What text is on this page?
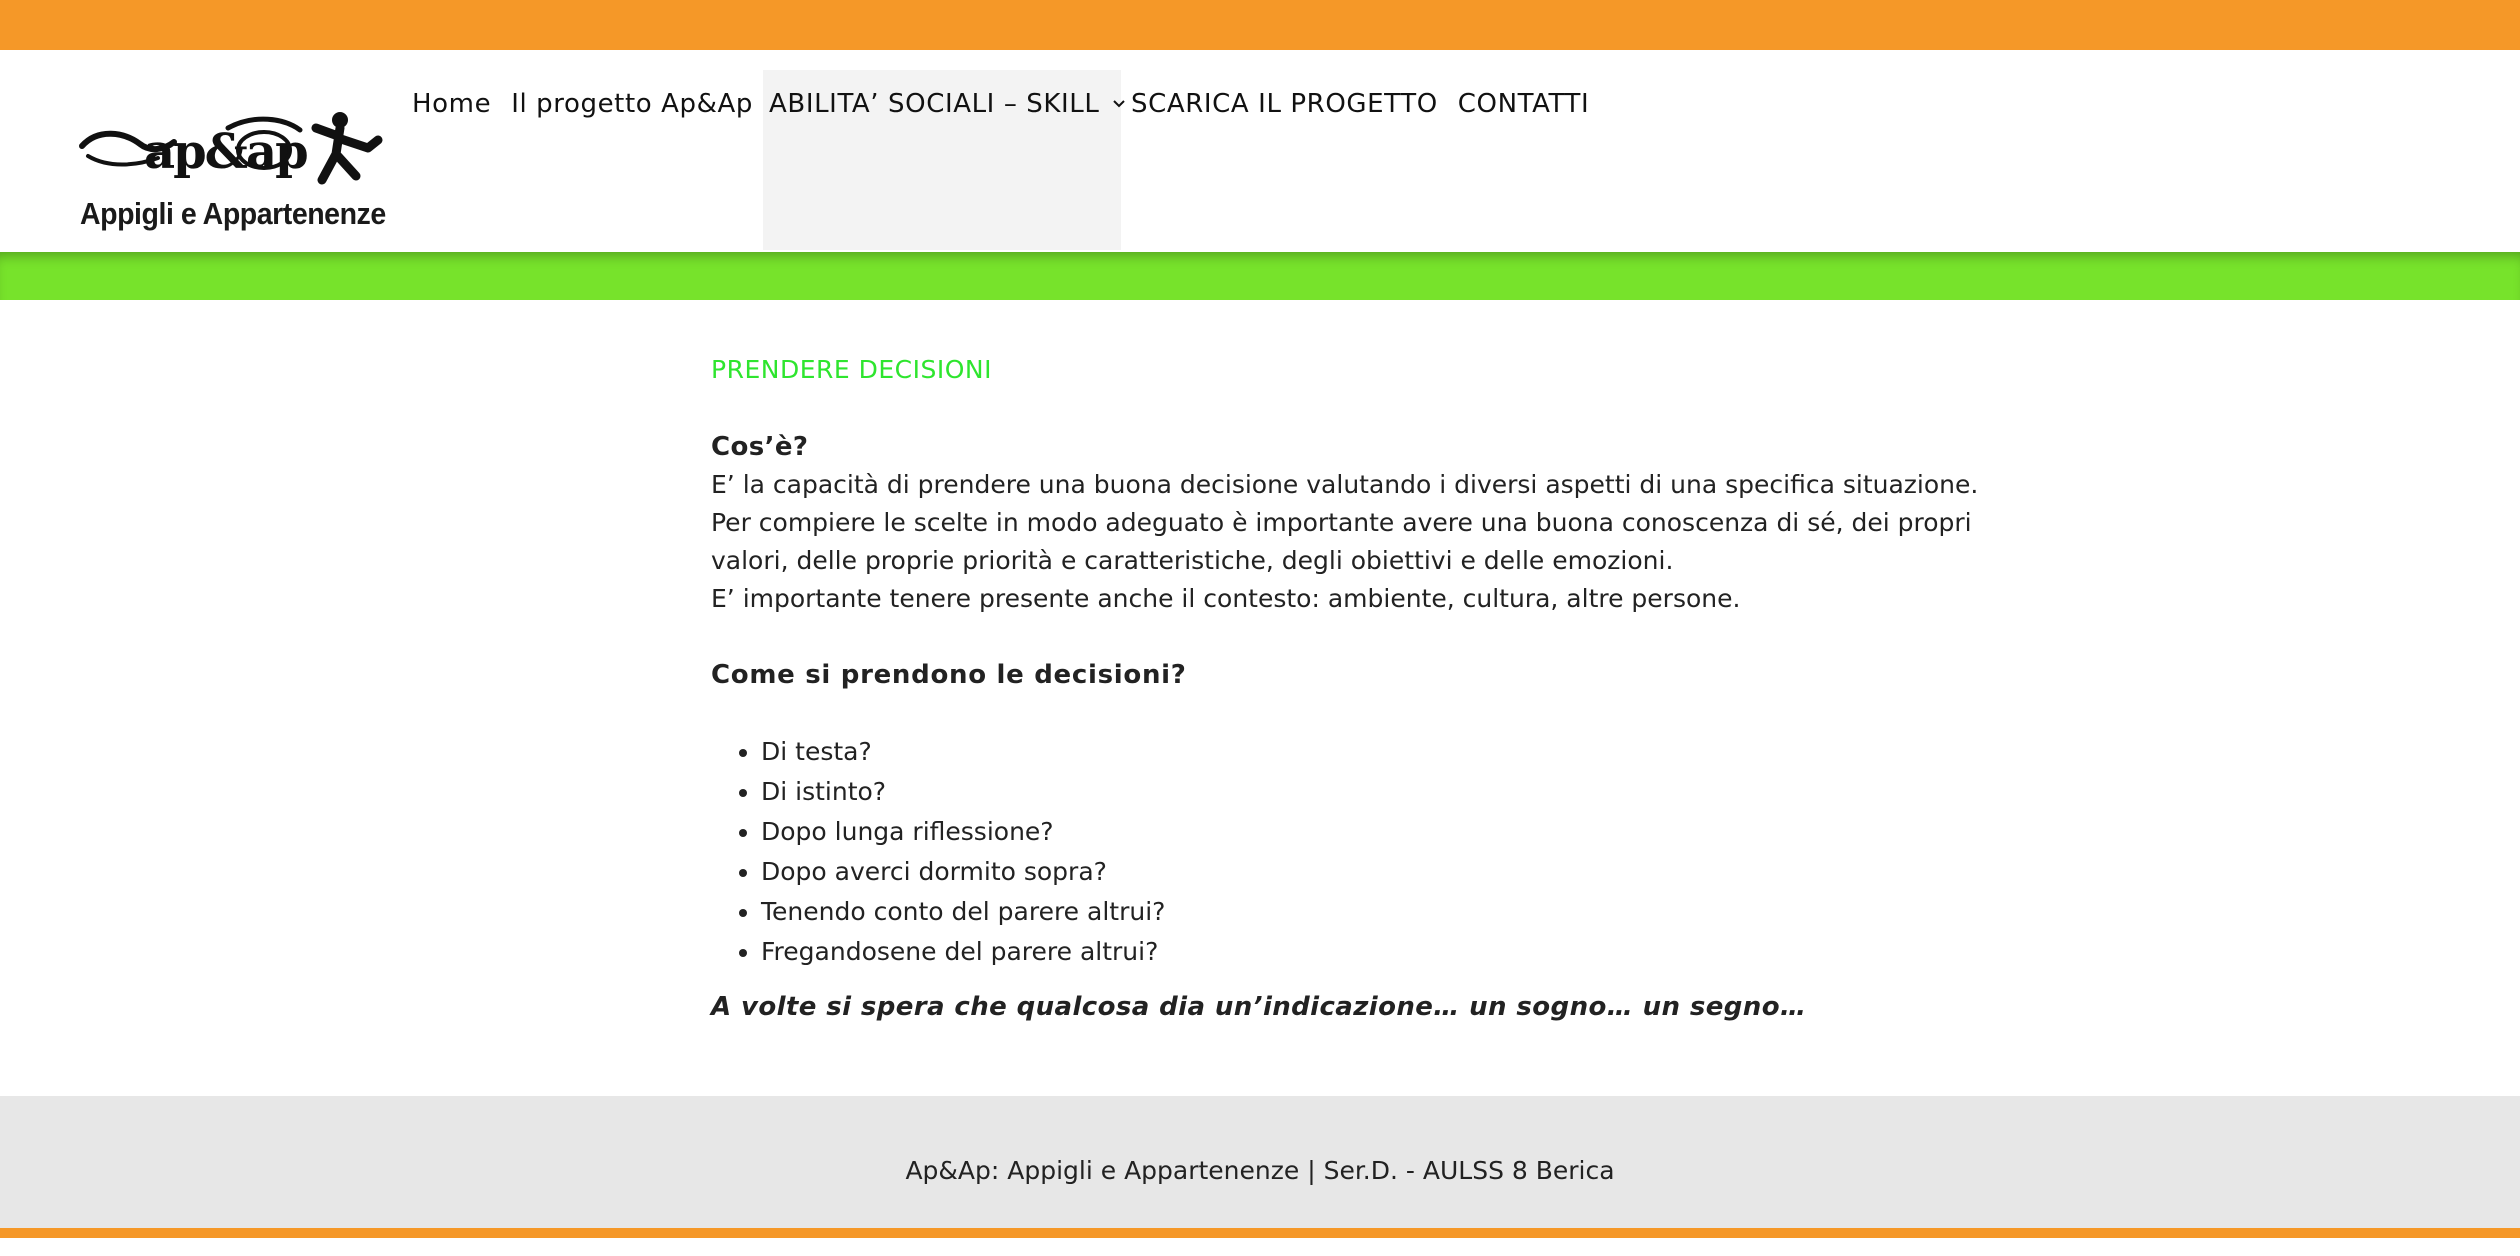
ap&ap
Appigli e Appartenenze
Home Il progetto Ap&Ap ABILITA’ SOCIALI – SKILL SCARICA IL PROGETTO CONTATTI
PRENDERE DECISIONI
Cos’è?

E’ la capacità di prendere una buona decisione valutando i diversi aspetti di una specifica situazione.

Per compiere le scelte in modo adeguato è importante avere una buona conoscenza di sé, dei propri valori, delle proprie priorità e caratteristiche, degli obiettivi e delle emozioni.

E’ importante tenere presente anche il contesto: ambiente, cultura, altre persone.

Come si prendono le decisioni?
• Di testa?
• Di istinto?
• Dopo lunga riflessione?
• Dopo averci dormito sopra?
• Tenendo conto del parere altrui?
• Fregandosene del parere altrui?
A volte si spera che qualcosa dia un’indicazione… un sogno… un segno…
Ap&Ap: Appigli e Appartenenze | Ser.D. - AULSS 8 Berica
